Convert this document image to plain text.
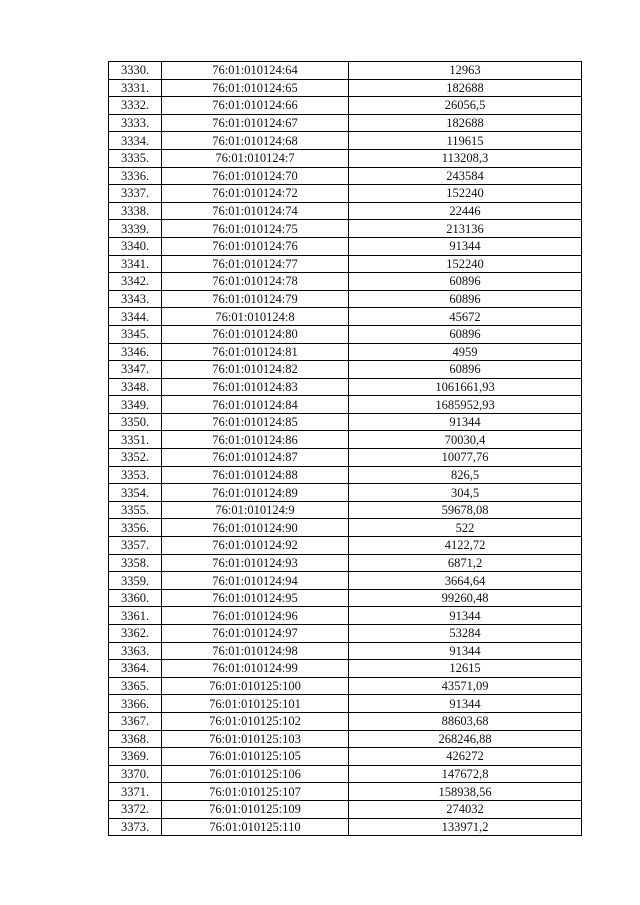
3330.	76:01:010124:64	12963
3331.	76:01:010124:65	182688
3332.	76:01:010124:66	26056,5
3333.	76:01:010124:67	182688
3334.	76:01:010124:68	119615
3335.	76:01:010124:7	113208,3
3336.	76:01:010124:70	243584
3337.	76:01:010124:72	152240
3338.	76:01:010124:74	22446
3339.	76:01:010124:75	213136
3340.	76:01:010124:76	91344
3341.	76:01:010124:77	152240
3342.	76:01:010124:78	60896
3343.	76:01:010124:79	60896
3344.	76:01:010124:8	45672
3345.	76:01:010124:80	60896
3346.	76:01:010124:81	4959
3347.	76:01:010124:82	60896
3348.	76:01:010124:83	1061661,93
3349.	76:01:010124:84	1685952,93
3350.	76:01:010124:85	91344
3351.	76:01:010124:86	70030,4
3352.	76:01:010124:87	10077,76
3353.	76:01:010124:88	826,5
3354.	76:01:010124:89	304,5
3355.	76:01:010124:9	59678,08
3356.	76:01:010124:90	522
3357.	76:01:010124:92	4122,72
3358.	76:01:010124:93	6871,2
3359.	76:01:010124:94	3664,64
3360.	76:01:010124:95	99260,48
3361.	76:01:010124:96	91344
3362.	76:01:010124:97	53284
3363.	76:01:010124:98	91344
3364.	76:01:010124:99	12615
3365.	76:01:010125:100	43571,09
3366.	76:01:010125:101	91344
3367.	76:01:010125:102	88603,68
3368.	76:01:010125:103	268246,88
3369.	76:01:010125:105	426272
3370.	76:01:010125:106	147672,8
3371.	76:01:010125:107	158938,56
3372.	76:01:010125:109	274032
3373.	76:01:010125:110	133971,2
